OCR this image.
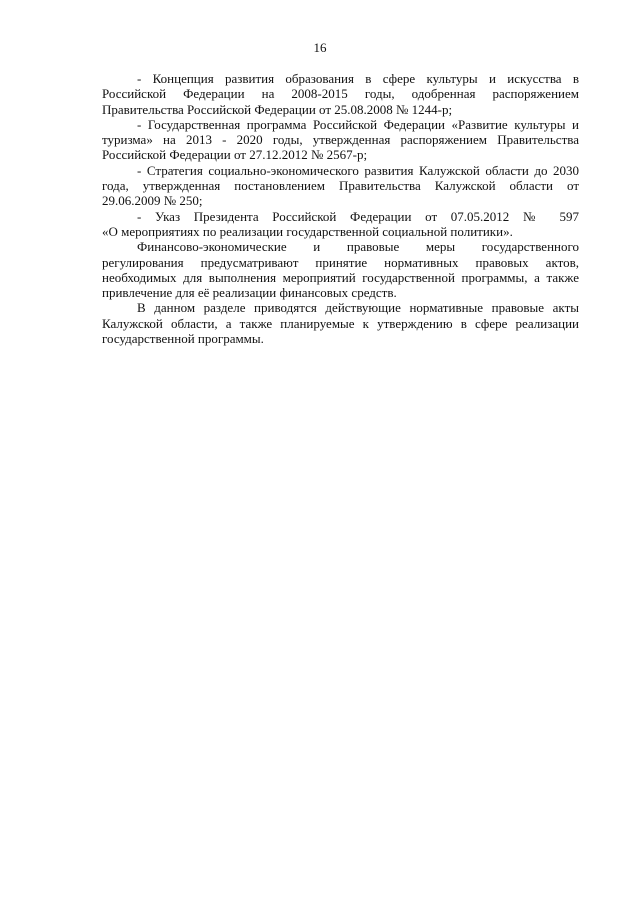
16

- Концепция развития образования в сфере культуры и искусства в
Российской Федерации на 2008-2015 годы, одобренная распоряжением
Правительства Российской Федерации от 25.08.2008 № 1244-р;

- Государственная программа Российской Федерации «Развитие культуры и
туризма» на 2013 - 2020 годы, утвержденная распоряжением Правительства
Российской Федерации от 27.12.2012 № 2567-р;

- Стратегия социально-экономического развития Калужской области до 2030
года, утвержденная постановлением Правительства Калужской области от
29.06.2009 № 250;

- Указ Президента Российской Федерации от 07.05.2012 № 597
«О мероприятиях по реализации государственной социальной политики».

Финансово-экономические и правовые меры государственного
регулирования предусматривают принятие нормативных правовых актов,
необходимых для выполнения мероприятий государственной программы, а также
привлечение для её реализации финансовых средств.

В данном разделе приводятся действующие нормативные правовые акты
Калужской области, а также планируемые к утверждению в сфере реализации
государственной программы.
